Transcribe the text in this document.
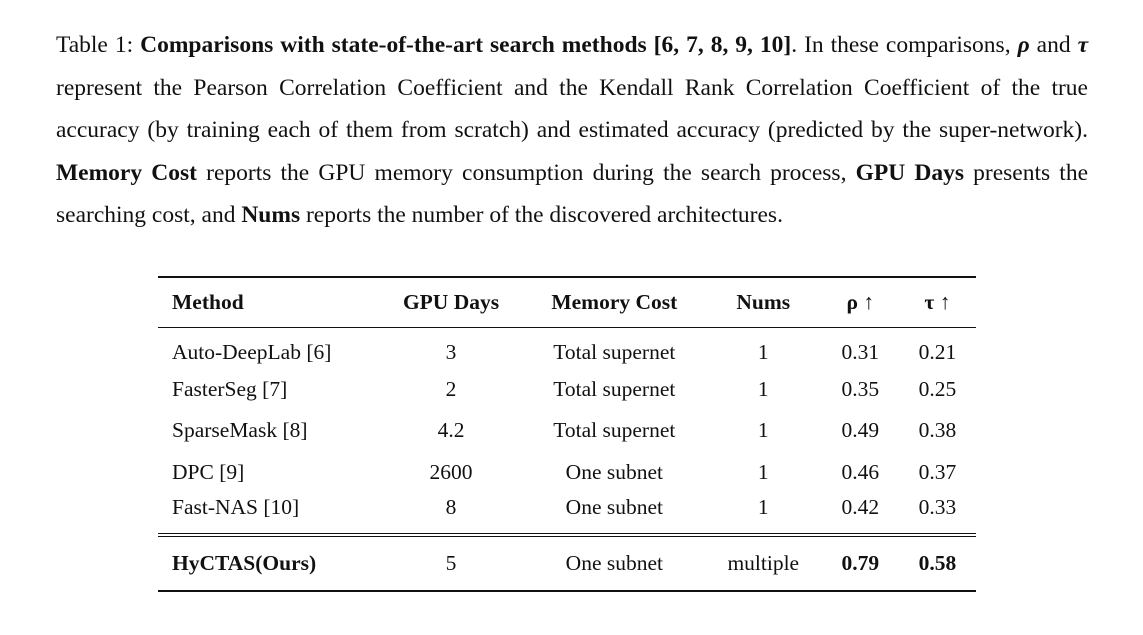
Table 1: Comparisons with state-of-the-art search methods [6, 7, 8, 9, 10]. In these comparisons, ρ and τ represent the Pearson Correlation Coefficient and the Kendall Rank Correlation Coefficient of the true accuracy (by training each of them from scratch) and estimated accuracy (predicted by the super-network). Memory Cost reports the GPU memory consumption during the search process, GPU Days presents the searching cost, and Nums reports the number of the discovered architectures.

Method	GPU Days	Memory Cost	Nums	ρ ↑	τ ↑
Auto-DeepLab [6]	3	Total supernet	1	0.31	0.21
FasterSeg [7]	2	Total supernet	1	0.35	0.25
SparseMask [8]	4.2	Total supernet	1	0.49	0.38
DPC [9]	2600	One subnet	1	0.46	0.37
Fast-NAS [10]	8	One subnet	1	0.42	0.33
HyCTAS(Ours)	5	One subnet	multiple	0.79	0.58
